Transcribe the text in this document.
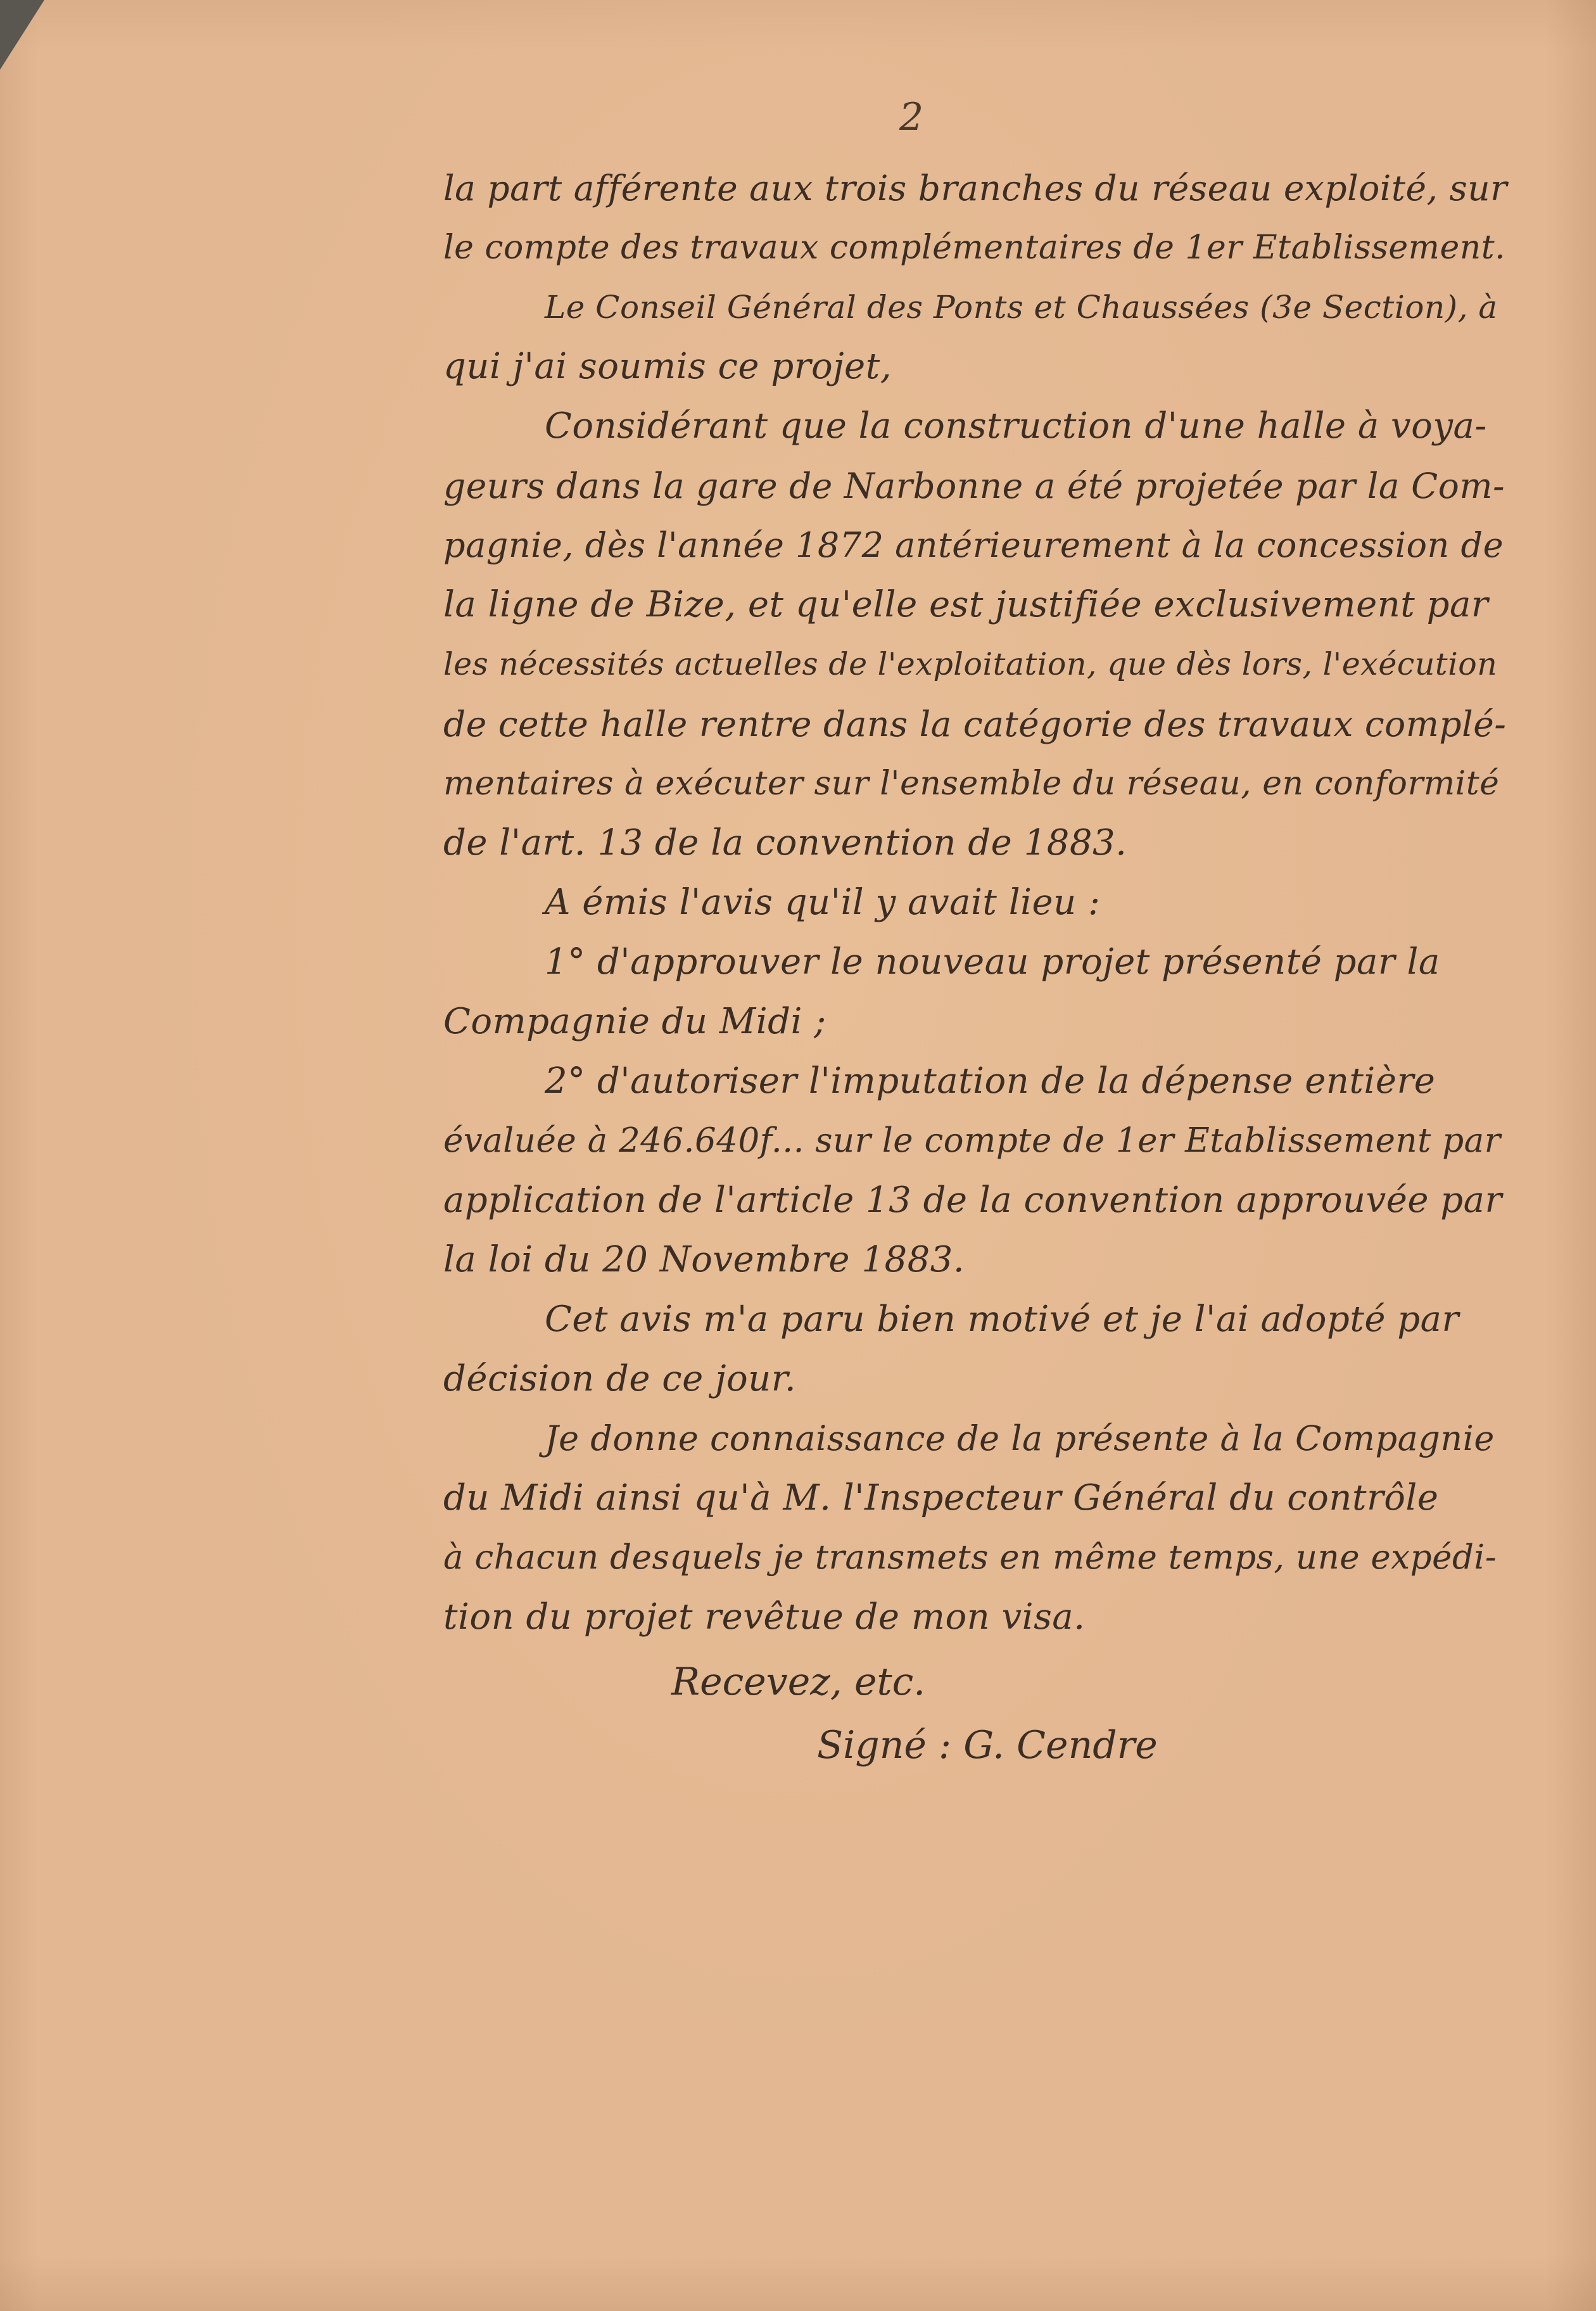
2
la part afférente aux trois branches du réseau exploité, sur
le compte des travaux complémentaires de 1er Etablissement.
Le Conseil Général des Ponts et Chaussées (3e Section), à
qui j'ai soumis ce projet,
Considérant que la construction d'une halle à voya-
geurs dans la gare de Narbonne a été projetée par la Com-
pagnie, dès l'année 1872 antérieurement à la concession de
la ligne de Bize, et qu'elle est justifiée exclusivement par
les nécessités actuelles de l'exploitation, que dès lors, l'exécution
de cette halle rentre dans la catégorie des travaux complé-
mentaires à exécuter sur l'ensemble du réseau, en conformité
de l'art. 13 de la convention de 1883.
A émis l'avis qu'il y avait lieu :
1° d'approuver le nouveau projet présenté par la
Compagnie du Midi ;
2° d'autoriser l'imputation de la dépense entière
évaluée à 246.640f... sur le compte de 1er Etablissement par
application de l'article 13 de la convention approuvée par
la loi du 20 Novembre 1883.
Cet avis m'a paru bien motivé et je l'ai adopté par
décision de ce jour.
Je donne connaissance de la présente à la Compagnie
du Midi ainsi qu'à M. l'Inspecteur Général du contrôle
à chacun desquels je transmets en même temps, une expédi-
tion du projet revêtue de mon visa.
Recevez, etc.
Signé : G. Cendre
